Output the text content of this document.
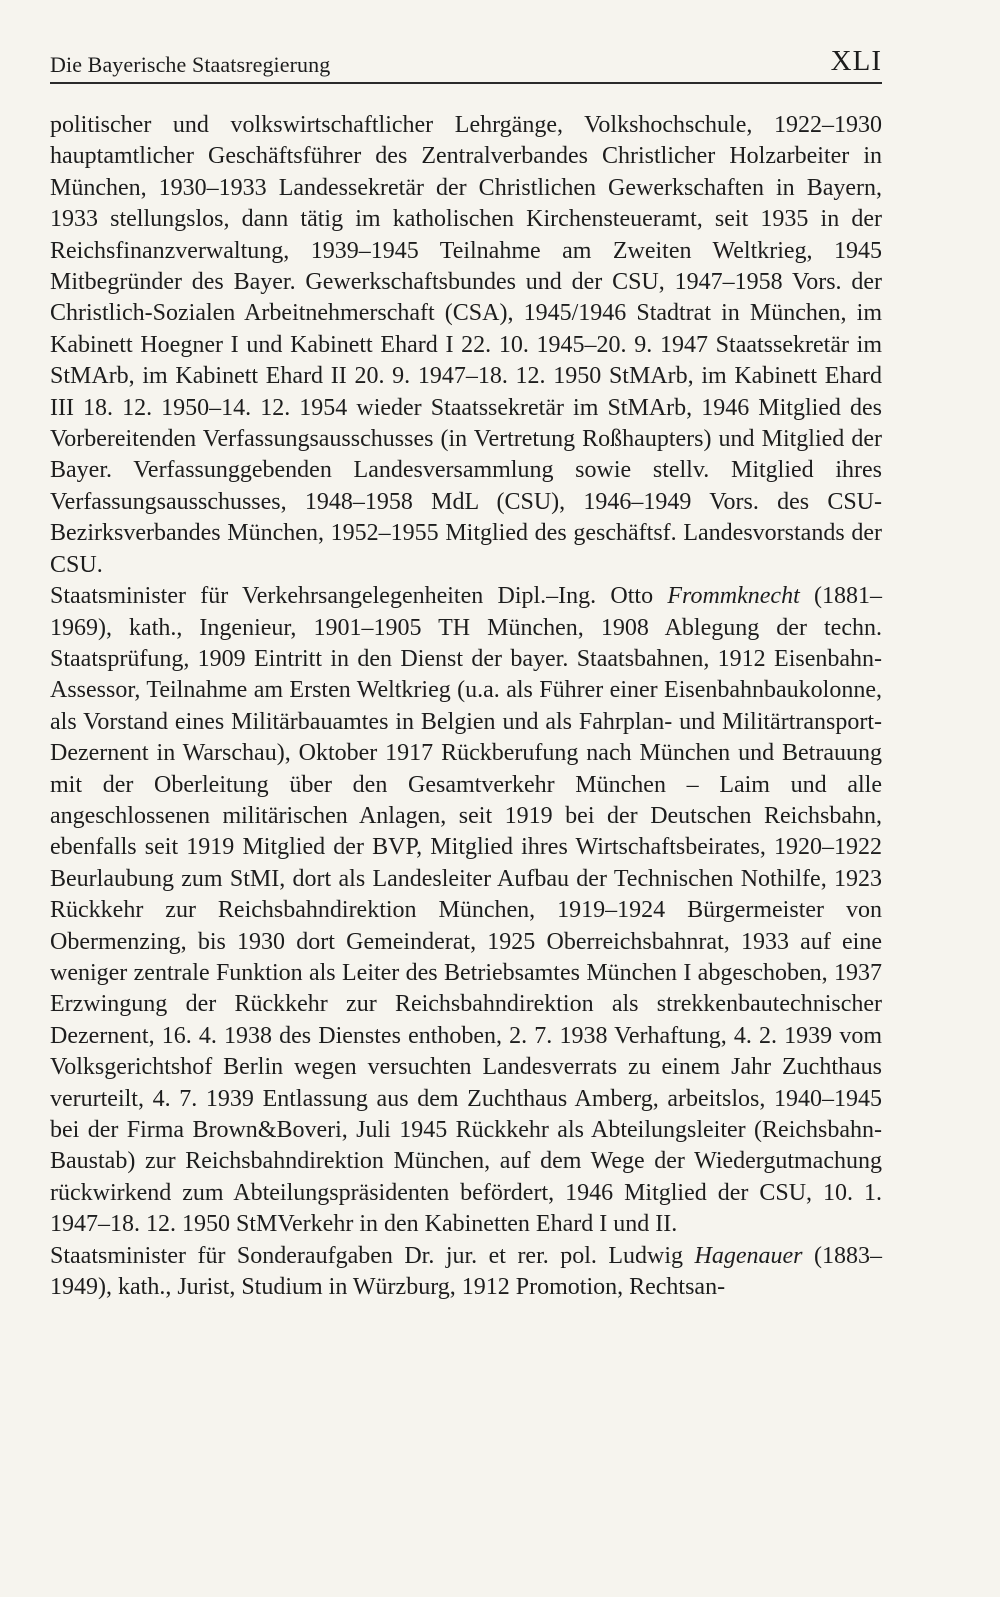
Die Bayerische Staatsregierung	XLI

politischer und volkswirtschaftlicher Lehrgänge, Volkshochschule, 1922–1930 hauptamtlicher Geschäftsführer des Zentralverbandes Christlicher Holzarbeiter in München, 1930–1933 Landessekretär der Christlichen Gewerkschaften in Bayern, 1933 stellungslos, dann tätig im katholischen Kirchensteueramt, seit 1935 in der Reichsfinanzverwaltung, 1939–1945 Teilnahme am Zweiten Weltkrieg, 1945 Mitbegründer des Bayer. Gewerkschaftsbundes und der CSU, 1947–1958 Vors. der Christlich-Sozialen Arbeitnehmerschaft (CSA), 1945/1946 Stadtrat in München, im Kabinett Hoegner I und Kabinett Ehard I 22. 10. 1945–20. 9. 1947 Staatssekretär im StMArb, im Kabinett Ehard II 20. 9. 1947–18. 12. 1950 StMArb, im Kabinett Ehard III 18. 12. 1950–14. 12. 1954 wieder Staatssekretär im StMArb, 1946 Mitglied des Vorbereitenden Verfassungsausschusses (in Vertretung Roßhaupters) und Mitglied der Bayer. Verfassunggebenden Landesversammlung sowie stellv. Mitglied ihres Verfassungsausschusses, 1948–1958 MdL (CSU), 1946–1949 Vors. des CSU-Bezirksverbandes München, 1952–1955 Mitglied des geschäftsf. Landesvorstands der CSU.

Staatsminister für Verkehrsangelegenheiten Dipl.–Ing. Otto Frommknecht (1881–1969), kath., Ingenieur, 1901–1905 TH München, 1908 Ablegung der techn. Staatsprüfung, 1909 Eintritt in den Dienst der bayer. Staatsbahnen, 1912 Eisenbahn-Assessor, Teilnahme am Ersten Weltkrieg (u.a. als Führer einer Eisenbahnbaukolonne, als Vorstand eines Militärbauamtes in Belgien und als Fahrplan- und Militärtransport-Dezernent in Warschau), Oktober 1917 Rückberufung nach München und Betrauung mit der Oberleitung über den Gesamtverkehr München – Laim und alle angeschlossenen militärischen Anlagen, seit 1919 bei der Deutschen Reichsbahn, ebenfalls seit 1919 Mitglied der BVP, Mitglied ihres Wirtschaftsbeirates, 1920–1922 Beurlaubung zum StMI, dort als Landesleiter Aufbau der Technischen Nothilfe, 1923 Rückkehr zur Reichsbahndirektion München, 1919–1924 Bürgermeister von Obermenzing, bis 1930 dort Gemeinderat, 1925 Oberreichsbahnrat, 1933 auf eine weniger zentrale Funktion als Leiter des Betriebsamtes München I abgeschoben, 1937 Erzwingung der Rückkehr zur Reichsbahndirektion als strekkenbautechnischer Dezernent, 16. 4. 1938 des Dienstes enthoben, 2. 7. 1938 Verhaftung, 4. 2. 1939 vom Volksgerichtshof Berlin wegen versuchten Landesverrats zu einem Jahr Zuchthaus verurteilt, 4. 7. 1939 Entlassung aus dem Zuchthaus Amberg, arbeitslos, 1940–1945 bei der Firma Brown&Boveri, Juli 1945 Rückkehr als Abteilungsleiter (Reichsbahn-Baustab) zur Reichsbahndirektion München, auf dem Wege der Wiedergutmachung rückwirkend zum Abteilungspräsidenten befördert, 1946 Mitglied der CSU, 10. 1. 1947–18. 12. 1950 StMVerkehr in den Kabinetten Ehard I und II.

Staatsminister für Sonderaufgaben Dr. jur. et rer. pol. Ludwig Hagenauer (1883–1949), kath., Jurist, Studium in Würzburg, 1912 Promotion, Rechtsan-
